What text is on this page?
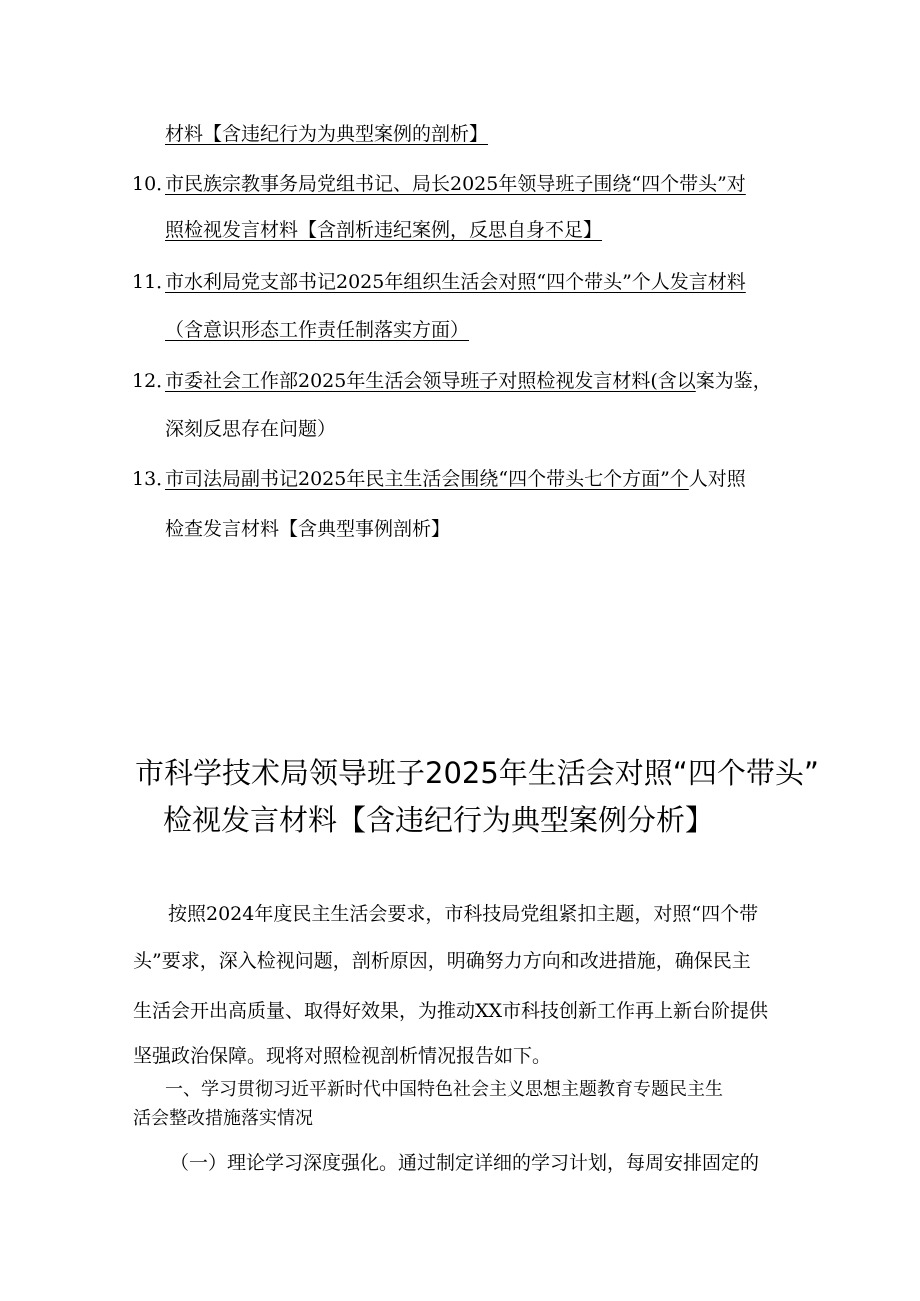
材料【含违纪行为为典型案例的剖析】
10．
市民族宗教事务局党组书记、局长2025年领导班子围绕“四个带头”对
照检视发言材料【含剖析违纪案例，反思自身不足】
11．
市水利局党支部书记2025年组织生活会对照“四个带头”个人发言材料
（含意识形态工作责任制落实方面）
12．
市委社会工作部2025年生活会领导班子对照检视发言材料(含以案为鉴，
深刻反思存在问题）
13．
市司法局副书记2025年民主生活会围绕“四个带头七个方面”个人对照
检查发言材料【含典型事例剖析】
市科学技术局领导班子2025年生活会对照“四个带头”
检视发言材料【含违纪行为典型案例分析】
按照2024年度民主生活会要求，市科技局党组紧扣主题，对照“四个带
头”要求，深入检视问题，剖析原因，明确努力方向和改进措施，确保民主
生活会开出高质量、取得好效果，为推动XX市科技创新工作再上新台阶提供
坚强政治保障。现将对照检视剖析情况报告如下。
一、学习贯彻习近平新时代中国特色社会主义思想主题教育专题民主生
活会整改措施落实情况
（一）理论学习深度强化。通过制定详细的学习计划，每周安排固定的
